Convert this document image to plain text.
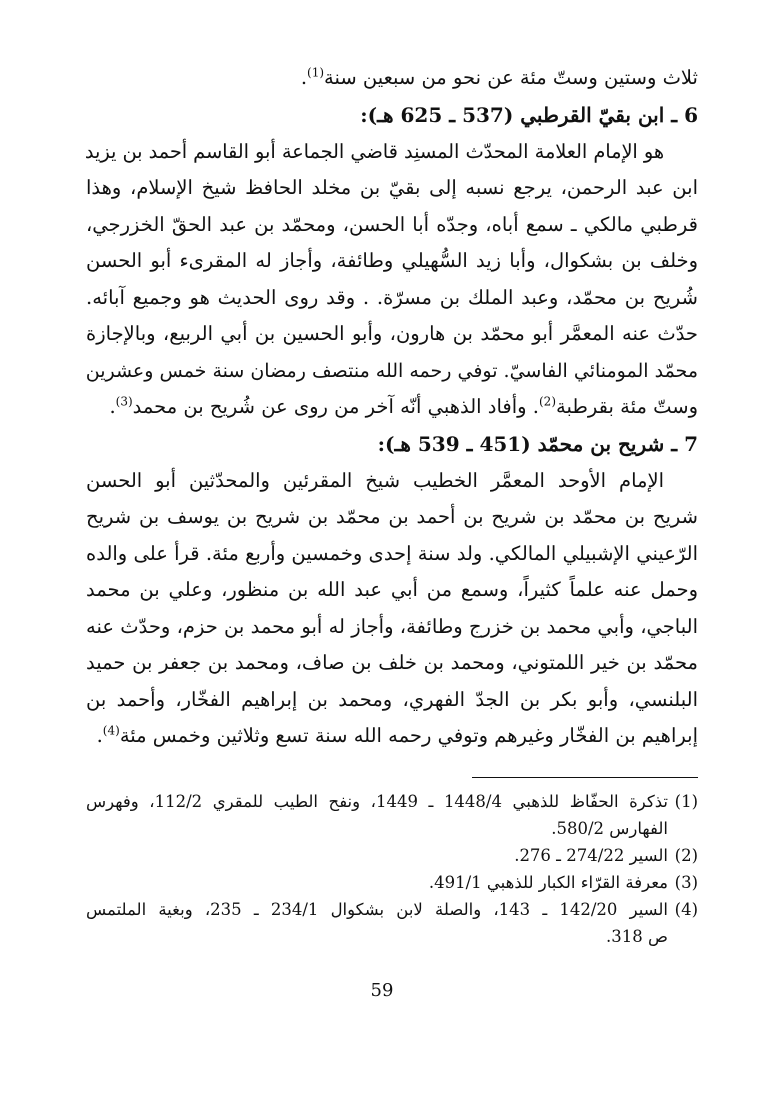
ثلاث وستين وستّ مئة عن نحو من سبعين سنة$^{(1)}$.
6 ـ ابن بقيّ القرطبي (537 ـ 625 هـ):
هو الإمام العلامة المحدّث المسنِد قاضي الجماعة أبو القاسم أحمد بن يزيد
ابن عبد الرحمن، يرجع نسبه إلى بقيّ بن مخلد الحافظ شيخ الإسلام، وهذا
قرطبي مالكي ـ سمع أباه، وجدّه أبا الحسن، ومحمّد بن عبد الحقّ الخزرجي،
وخلف بن بشكوال، وأبا زيد السُّهيلي وطائفة، وأجاز له المقرىء أبو الحسن
شُريح بن محمّد، وعبد الملك بن مسرّة. . وقد روى الحديث هو وجميع آبائه.
حدّث عنه المعمَّر أبو محمّد بن هارون، وأبو الحسين بن أبي الربيع، وبالإجازة
محمّد المومنائي الفاسيّ. توفي رحمه الله منتصف رمضان سنة خمس وعشرين
وستّ مئة بقرطبة$^{(2)}$. وأفاد الذهبي أنّه آخر من روى عن شُريح بن محمد$^{(3)}$.
7 ـ شريح بن محمّد (451 ـ 539 هـ):
الإمام الأوحد المعمَّر الخطيب شيخ المقرئين والمحدّثين أبو الحسن
شريح بن محمّد بن شريح بن أحمد بن محمّد بن شريح بن يوسف بن شريح
الرّعيني الإشبيلي المالكي. ولد سنة إحدى وخمسين وأربع مئة. قرأ على والده
وحمل عنه علماً كثيراً، وسمع من أبي عبد الله بن منظور، وعلي بن محمد
الباجي، وأبي محمد بن خزرج وطائفة، وأجاز له أبو محمد بن حزم، وحدّث عنه
محمّد بن خير اللمتوني، ومحمد بن خلف بن صاف، ومحمد بن جعفر بن حميد
البلنسي، وأبو بكر بن الجدّ الفهري، ومحمد بن إبراهيم الفخّار، وأحمد بن
إبراهيم بن الفخّار وغيرهم وتوفي رحمه الله سنة تسع وثلاثين وخمس مئة$^{(4)}$.
(1)
تذكرة الحفّاظ للذهبي 1448/4 ـ 1449، ونفح الطيب للمقري 112/2، وفهرس
الفهارس 580/2.
(2)
السير 274/22 ـ 276.
(3)
معرفة القرّاء الكبار للذهبي 491/1.
(4)
السير 142/20 ـ 143، والصلة لابن بشكوال 234/1 ـ 235، وبغية الملتمس
ص 318.
59
